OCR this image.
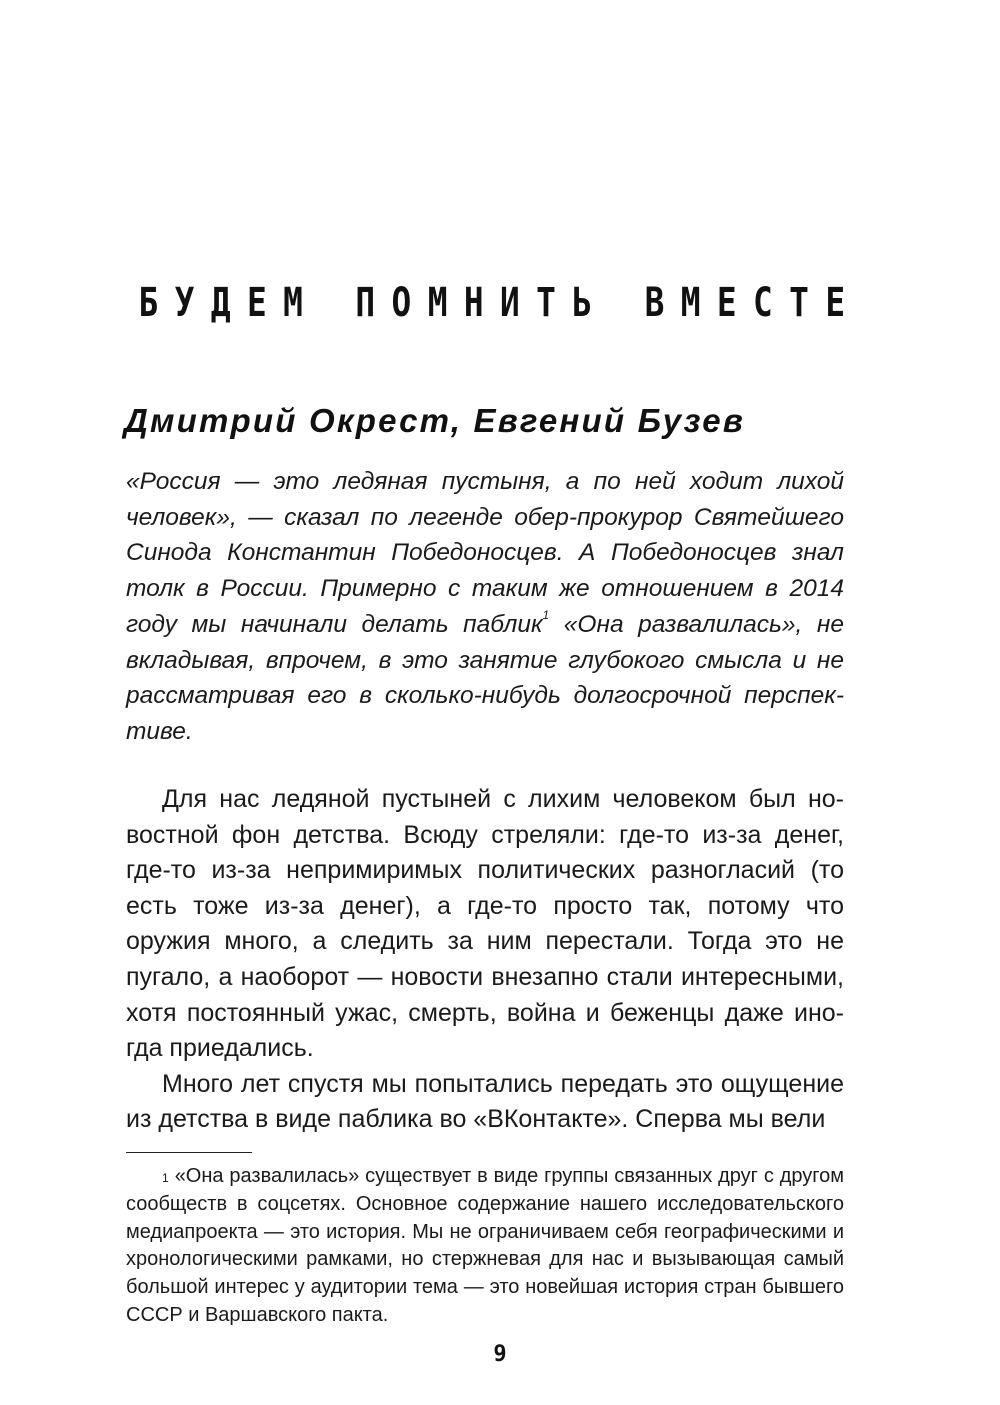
БУДЕМ ПОМНИТЬ ВМЕСТЕ
Дмитрий Окрест, Евгений Бузев
«Россия — это ледяная пустыня, а по ней ходит лихой человек», — сказал по легенде обер-прокурор Святейшего Синода Константин Победоносцев. А Победоносцев знал толк в России. Примерно с таким же отношением в 2014 году мы начинали делать паблик$^1$ «Она развалилась», не вкладывая, впрочем, в это занятие глубокого смысла и не рассматривая его в сколько-нибудь долгосрочной перспективе.

Для нас ледяной пустыней с лихим человеком был новостной фон детства. Всюду стреляли: где-то из-за денег, где-то из-за непримиримых политических разногласий (то есть тоже из-за денег), а где-то просто так, потому что оружия много, а следить за ним перестали. Тогда это не пугало, а наоборот — новости внезапно стали интересными, хотя постоянный ужас, смерть, война и беженцы даже иногда приедались.

Много лет спустя мы попытались передать это ощущение из детства в виде паблика во «ВКонтакте». Сперва мы вели

$^1$ «Она развалилась» существует в виде группы связанных друг с другом сообществ в соцсетях. Основное содержание нашего исследовательского медиапроекта — это история. Мы не ограничиваем себя географическими и хронологическими рамками, но стержневая для нас и вызывающая самый большой интерес у аудитории тема — это новейшая история стран бывшего СССР и Варшавского пакта.

9
